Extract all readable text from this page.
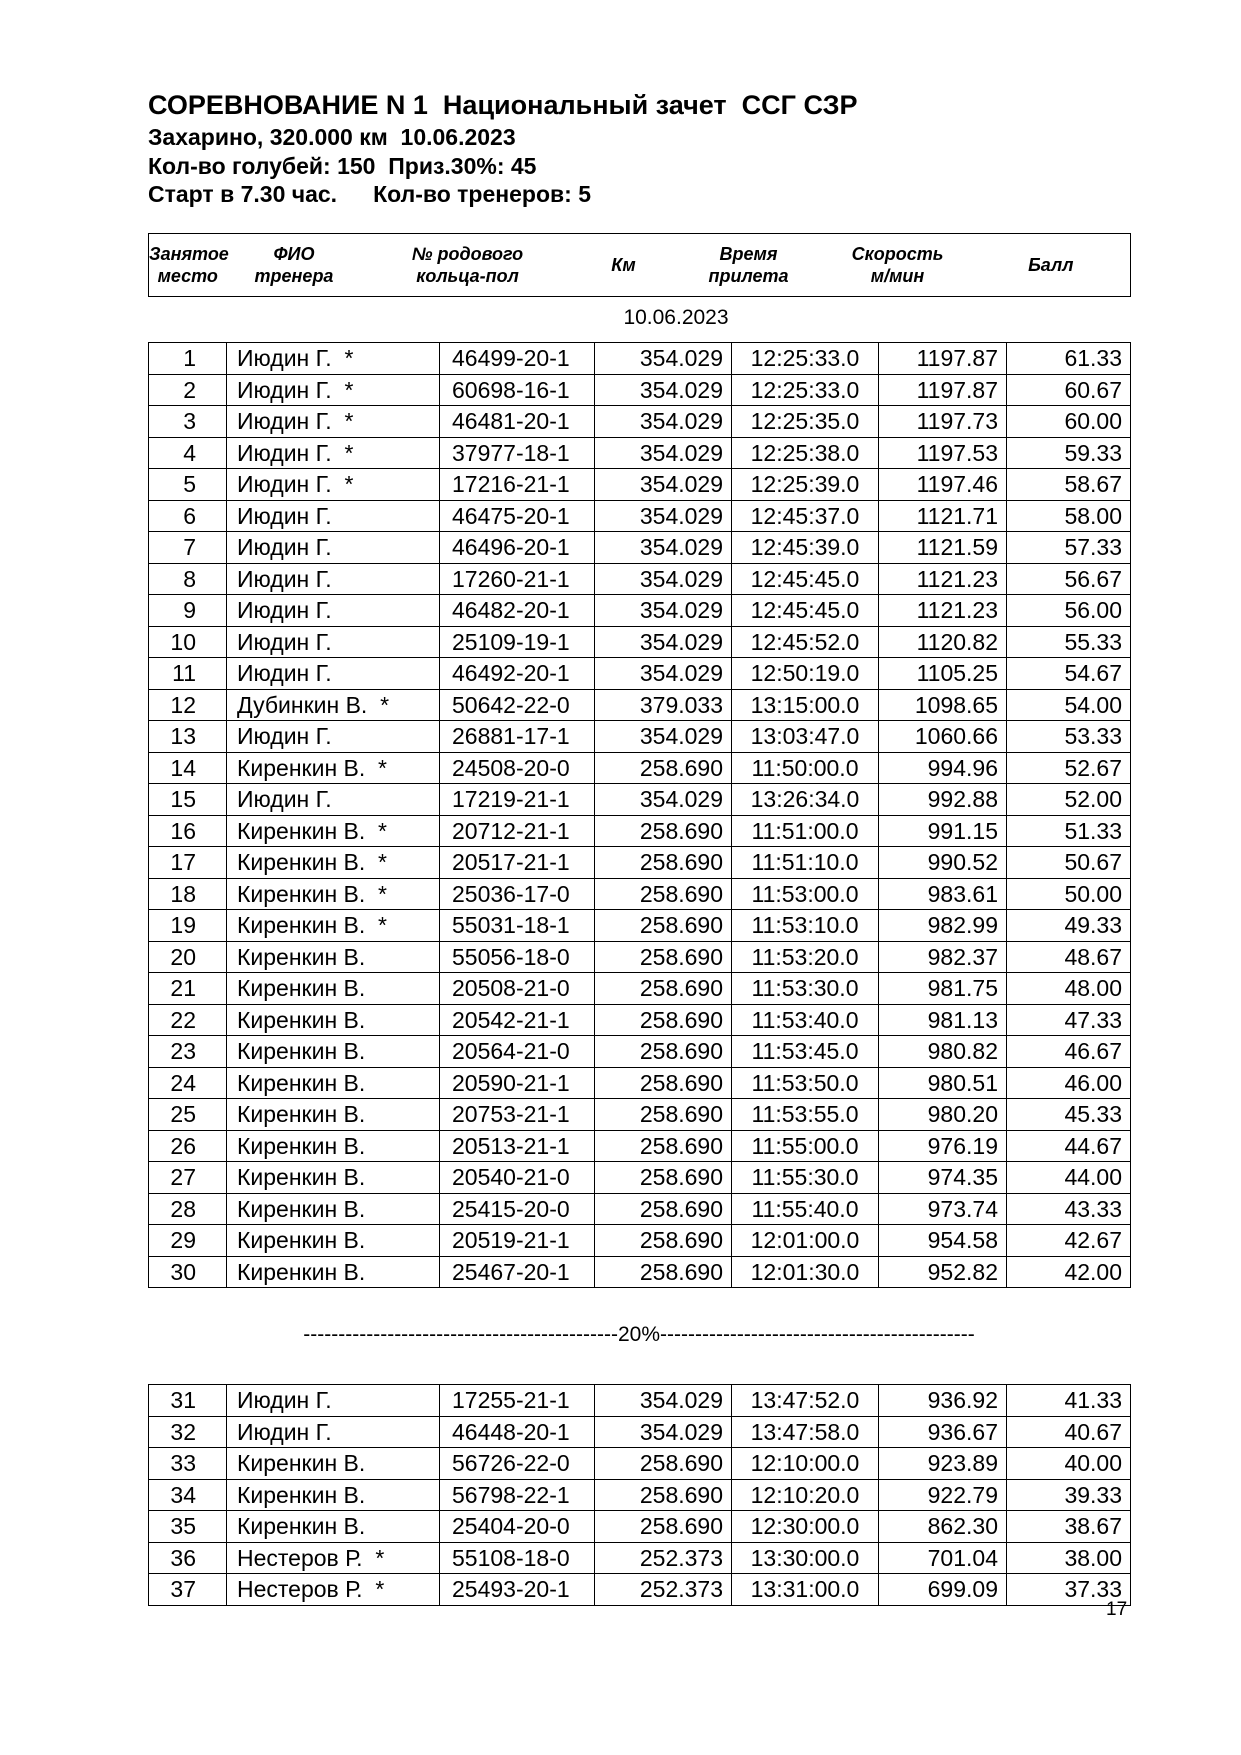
СОРЕВНОВАНИЕ N 1  Национальный зачет  ССГ СЗР
Захарино, 320.000 км  10.06.2023
Кол-во голубей: 150  Приз.30%: 45
Старт в 7.30 час. Кол-во тренеров: 5
Занятое
место

ФИО
тренера

№ родового
кольца-пол

Км

Время
прилета

Скорость
м/мин

Балл
10.06.2023
1	Июдин Г.  *	46499-20-1	354.029	12:25:33.0	1197.87	61.33
2	Июдин Г.  *	60698-16-1	354.029	12:25:33.0	1197.87	60.67
3	Июдин Г.  *	46481-20-1	354.029	12:25:35.0	1197.73	60.00
4	Июдин Г.  *	37977-18-1	354.029	12:25:38.0	1197.53	59.33
5	Июдин Г.  *	17216-21-1	354.029	12:25:39.0	1197.46	58.67
6	Июдин Г.	46475-20-1	354.029	12:45:37.0	1121.71	58.00
7	Июдин Г.	46496-20-1	354.029	12:45:39.0	1121.59	57.33
8	Июдин Г.	17260-21-1	354.029	12:45:45.0	1121.23	56.67
9	Июдин Г.	46482-20-1	354.029	12:45:45.0	1121.23	56.00
10	Июдин Г.	25109-19-1	354.029	12:45:52.0	1120.82	55.33
11	Июдин Г.	46492-20-1	354.029	12:50:19.0	1105.25	54.67
12	Дубинкин В.  *	50642-22-0	379.033	13:15:00.0	1098.65	54.00
13	Июдин Г.	26881-17-1	354.029	13:03:47.0	1060.66	53.33
14	Киренкин В.  *	24508-20-0	258.690	11:50:00.0	994.96	52.67
15	Июдин Г.	17219-21-1	354.029	13:26:34.0	992.88	52.00
16	Киренкин В.  *	20712-21-1	258.690	11:51:00.0	991.15	51.33
17	Киренкин В.  *	20517-21-1	258.690	11:51:10.0	990.52	50.67
18	Киренкин В.  *	25036-17-0	258.690	11:53:00.0	983.61	50.00
19	Киренкин В.  *	55031-18-1	258.690	11:53:10.0	982.99	49.33
20	Киренкин В.	55056-18-0	258.690	11:53:20.0	982.37	48.67
21	Киренкин В.	20508-21-0	258.690	11:53:30.0	981.75	48.00
22	Киренкин В.	20542-21-1	258.690	11:53:40.0	981.13	47.33
23	Киренкин В.	20564-21-0	258.690	11:53:45.0	980.82	46.67
24	Киренкин В.	20590-21-1	258.690	11:53:50.0	980.51	46.00
25	Киренкин В.	20753-21-1	258.690	11:53:55.0	980.20	45.33
26	Киренкин В.	20513-21-1	258.690	11:55:00.0	976.19	44.67
27	Киренкин В.	20540-21-0	258.690	11:55:30.0	974.35	44.00
28	Киренкин В.	25415-20-0	258.690	11:55:40.0	973.74	43.33
29	Киренкин В.	20519-21-1	258.690	12:01:00.0	954.58	42.67
30	Киренкин В.	25467-20-1	258.690	12:01:30.0	952.82	42.00
---------------------------------------------20%---------------------------------------------
31	Июдин Г.	17255-21-1	354.029	13:47:52.0	936.92	41.33
32	Июдин Г.	46448-20-1	354.029	13:47:58.0	936.67	40.67
33	Киренкин В.	56726-22-0	258.690	12:10:00.0	923.89	40.00
34	Киренкин В.	56798-22-1	258.690	12:10:20.0	922.79	39.33
35	Киренкин В.	25404-20-0	258.690	12:30:00.0	862.30	38.67
36	Нестеров Р.  *	55108-18-0	252.373	13:30:00.0	701.04	38.00
37	Нестеров Р.  *	25493-20-1	252.373	13:31:00.0	699.09	37.33
17
